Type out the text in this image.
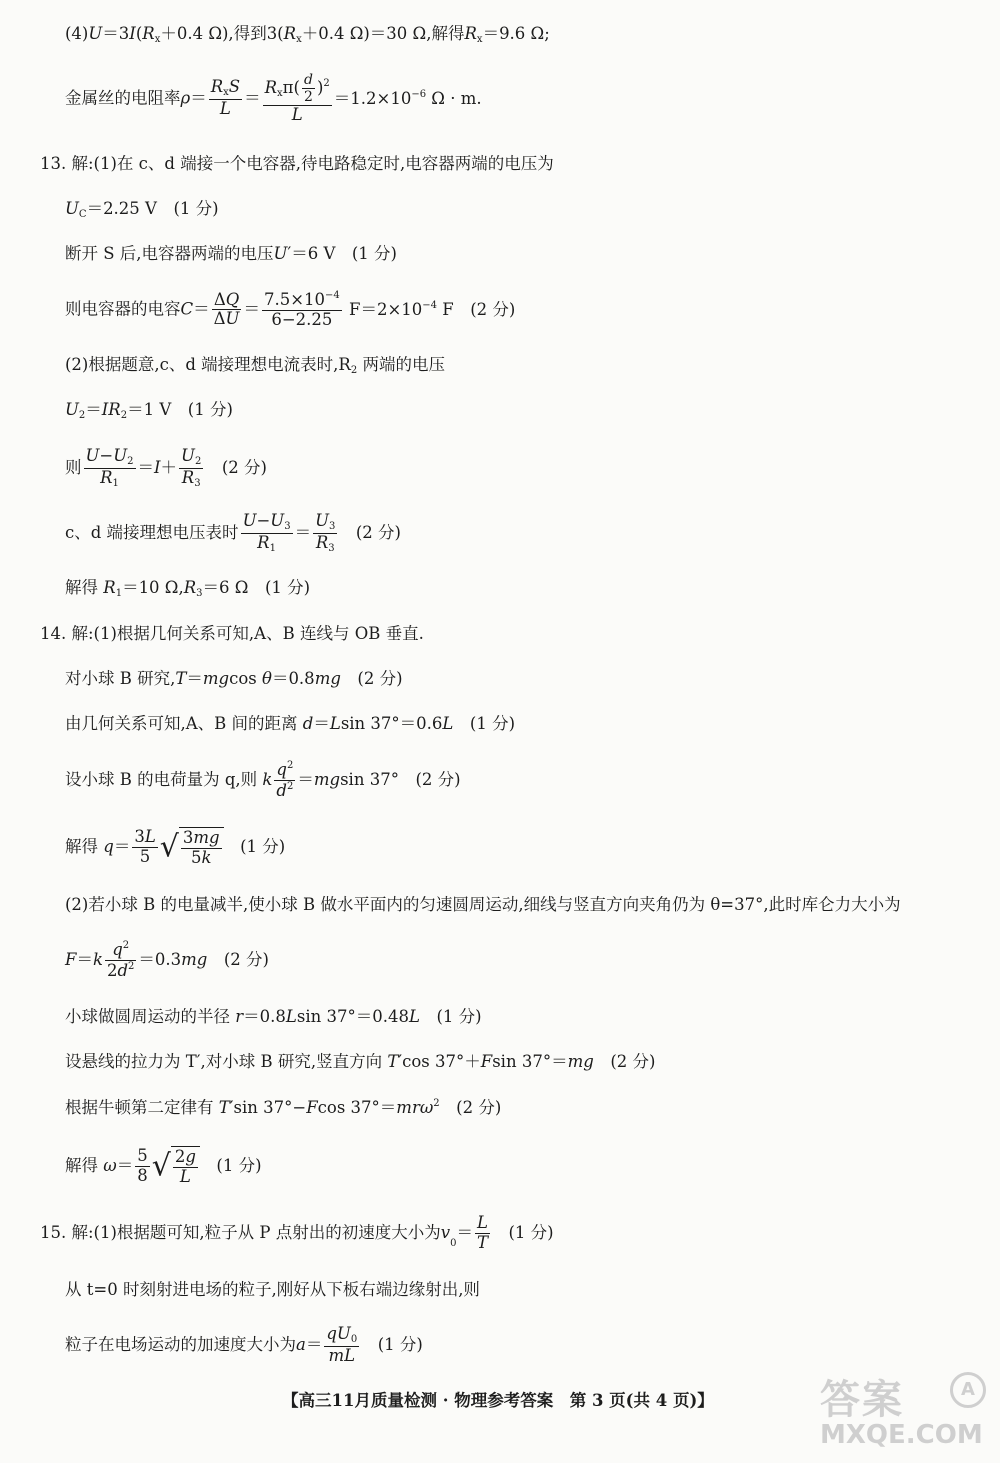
$(4)U=3I(R_x+0.4$ Ω),得到$3(R_x+0.4$ Ω)＝30 Ω,解得$R_x=9.6$ Ω;
金属丝的电阻率ρ＝
$R_xS$
L
＝
$R_x\pi( \frac{d}{2} )^2$
L
$=1.2\times 10^{-6}$ Ω · m.
13. 解:(1)在 c、d 端接一个电容器,待电路稳定时,电容器两端的电压为
$U_C=2.25$ V　(1 分)
断开 S 后,电容器两端的电压U′＝6 V　(1 分)
则电容器的电容$C= \frac{\Delta Q}{\Delta U} = \frac{7.5\times 10^{-4}}{6-2.25} F=2\times 10^{-4}$ F　(2 分)
(2)根据题意,c、d 端接理想电流表时$,R_2$ 两端的电压
$U_2=IR_2=1$ V　(1 分)
则 $\frac{U-U_2}{R_1} =I+ \frac{U_2}{R_3}$
　 (2 分)
c、d 端接理想电压表时 $\frac{U-U_3}{R_1} = \frac{U_3}{R_3}$
　 (2 分)
解得 $R_1=10$ $\Omega,R_3=6$ Ω　(1 分)
14. 解:(1)根据几何关系可知,A、B 连线与 OB 垂直.
对小球 B 研究,T＝mgcos θ＝0.8mg　 (2 分)
由几何关系可知,A、B 间的距离 d＝Lsin 37°＝0.6L　 (1 分)
设小球 B 的电荷量为 q,则 k $\frac{q^2}{d^2} =mgsin$ 37°　(2 分)
解得 $q= \frac{3L}{5}$ √ $\frac{3mg}{5k}$
　 (1 分)
(2)若小球 B 的电量减半,使小球 B 做水平面内的匀速圆周运动,细线与竖直方向夹角仍为 θ=37°,此时库仑力大小为
$F=k \frac{q^2}{2d^2} =0.3mg$　 (2 分)
小球做圆周运动的半径 r＝0.8Lsin 37°＝0.48L　 (1 分)
设悬线的拉力为 T′,对小球 B 研究,竖直方向 T′cos 37°＋Fsin 37°＝mg　 (2 分)
根据牛顿第二定律有 T′sin 37°−Fcos 37°＝mrω$^2$　 (2 分)
解得 $\omega= \frac{5}{8}$ √ $\frac{2g}{L}$
　 (1 分)
15. 解:(1)根据题可知,粒子从 P 点射出的初速度大小为$v_0= \frac{L}{T}$
　 (1 分)
从 t=0 时刻射进电场的粒子,刚好从下板右端边缘射出,则
粒子在电场运动的加速度大小为$a= \frac{qU_0}{mL}$
　 (1 分)
【高三11月质量检测 · 物理参考答案　第 3 页(共 4 页)】	答案	A
MXQE.COM
